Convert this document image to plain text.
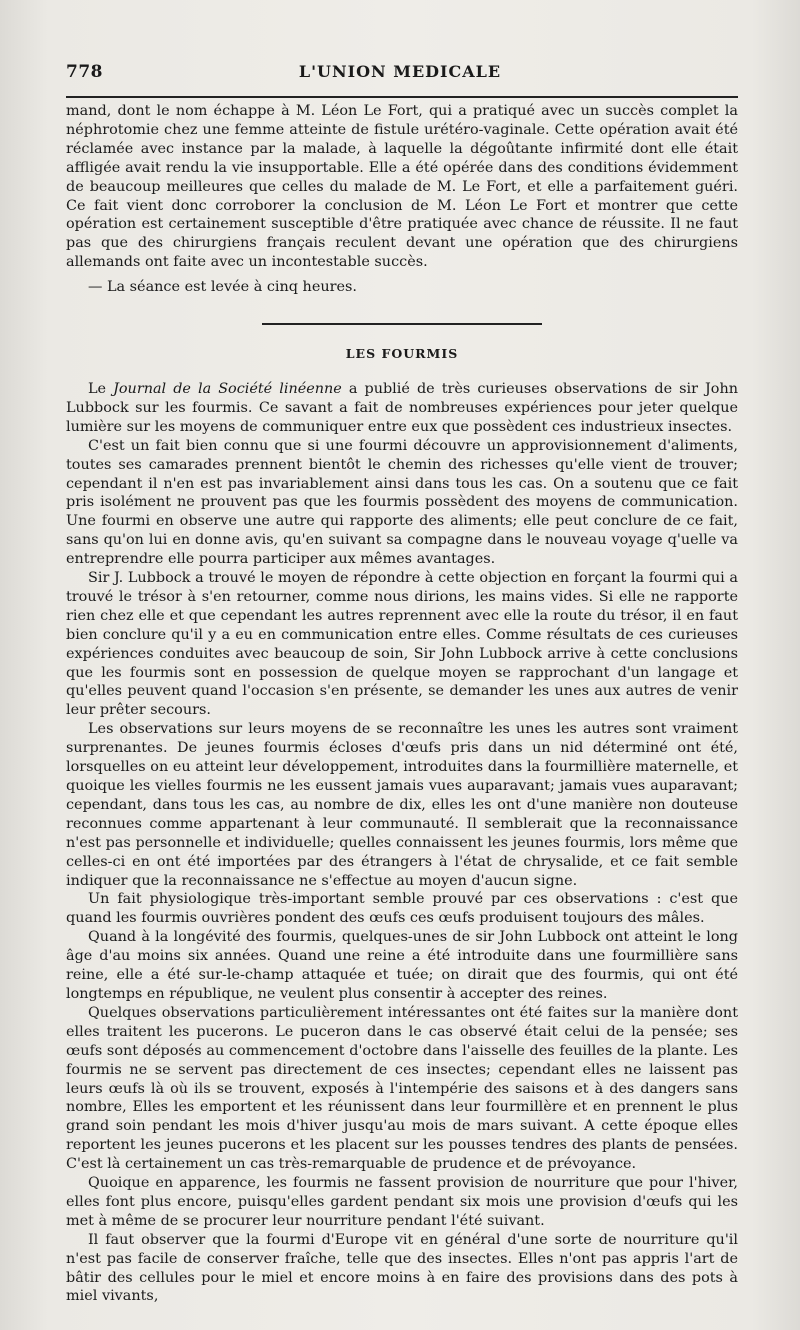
778	L'UNION MEDICALE

mand, dont le nom échappe à M. Léon Le Fort, qui a pratiqué avec un succès complet la néphrotomie chez une femme atteinte de fistule urétéro-vaginale. Cette opération avait été réclamée avec instance par la malade, à laquelle la dégoûtante infirmité dont elle était affligée avait rendu la vie insupportable. Elle a été opérée dans des conditions évidemment de beaucoup meilleures que celles du malade de M. Le Fort, et elle a parfaitement guéri. Ce fait vient donc corroborer la conclusion de M. Léon Le Fort et montrer que cette opération est certainement susceptible d'être pratiquée avec chance de réussite. Il ne faut pas que des chirurgiens français reculent devant une opération que des chirurgiens allemands ont faite avec un incontestable succès.

— La séance est levée à cinq heures.

LES FOURMIS

Le Journal de la Société linéenne a publié de très curieuses observations de sir John Lubbock sur les fourmis. Ce savant a fait de nombreuses expériences pour jeter quelque lumière sur les moyens de communiquer entre eux que possèdent ces industrieux insectes.

C'est un fait bien connu que si une fourmi découvre un approvisionnement d'aliments, toutes ses camarades prennent bientôt le chemin des richesses qu'elle vient de trouver; cependant il n'en est pas invariablement ainsi dans tous les cas. On a soutenu que ce fait pris isolément ne prouvent pas que les fourmis possèdent des moyens de communication. Une fourmi en observe une autre qui rapporte des aliments; elle peut conclure de ce fait, sans qu'on lui en donne avis, qu'en suivant sa compagne dans le nouveau voyage q'uelle va entreprendre elle pourra participer aux mêmes avantages.

Sir J. Lubbock a trouvé le moyen de répondre à cette objection en forçant la fourmi qui a trouvé le trésor à s'en retourner, comme nous dirions, les mains vides. Si elle ne rapporte rien chez elle et que cependant les autres reprennent avec elle la route du trésor, il en faut bien conclure qu'il y a eu en communication entre elles. Comme résultats de ces curieuses expériences conduites avec beaucoup de soin, Sir John Lubbock arrive à cette conclusions que les fourmis sont en possession de quelque moyen se rapprochant d'un langage et qu'elles peuvent quand l'occasion s'en présente, se demander les unes aux autres de venir leur prêter secours.

Les observations sur leurs moyens de se reconnaître les unes les autres sont vraiment surprenantes. De jeunes fourmis écloses d'œufs pris dans un nid déterminé ont été, lorsquelles on eu atteint leur développement, introduites dans la fourmillière maternelle, et quoique les vielles fourmis ne les eussent jamais vues auparavant; jamais vues auparavant; cependant, dans tous les cas, au nombre de dix, elles les ont d'une manière non douteuse reconnues comme appartenant à leur communauté. Il semblerait que la reconnaissance n'est pas personnelle et individuelle; quelles connaissent les jeunes fourmis, lors même que celles-ci en ont été importées par des étrangers à l'état de chrysalide, et ce fait semble indiquer que la reconnaissance ne s'effectue au moyen d'aucun signe.

Un fait physiologique très-important semble prouvé par ces observations : c'est que quand les fourmis ouvrières pondent des œufs ces œufs produisent toujours des mâles.

Quand à la longévité des fourmis, quelques-unes de sir John Lubbock ont atteint le long âge d'au moins six années. Quand une reine a été introduite dans une fourmillière sans reine, elle a été sur-le-champ attaquée et tuée; on dirait que des fourmis, qui ont été longtemps en république, ne veulent plus consentir à accepter des reines.

Quelques observations particulièrement intéressantes ont été faites sur la manière dont elles traitent les pucerons. Le puceron dans le cas observé était celui de la pensée; ses œufs sont déposés au commencement d'octobre dans l'aisselle des feuilles de la plante. Les fourmis ne se servent pas directement de ces insectes; cependant elles ne laissent pas leurs œufs là où ils se trouvent, exposés à l'intempérie des saisons et à des dangers sans nombre, Elles les emportent et les réunissent dans leur fourmillère et en prennent le plus grand soin pendant les mois d'hiver jusqu'au mois de mars suivant. A cette époque elles reportent les jeunes pucerons et les placent sur les pousses tendres des plants de pensées. C'est là certainement un cas très-remarquable de prudence et de prévoyance.

Quoique en apparence, les fourmis ne fassent provision de nourriture que pour l'hiver, elles font plus encore, puisqu'elles gardent pendant six mois une provision d'œufs qui les met à même de se procurer leur nourriture pendant l'été suivant.

Il faut observer que la fourmi d'Europe vit en général d'une sorte de nourriture qu'il n'est pas facile de conserver fraîche, telle que des insectes. Elles n'ont pas appris l'art de bâtir des cellules pour le miel et encore moins à en faire des provisions dans des pots à miel vivants,
